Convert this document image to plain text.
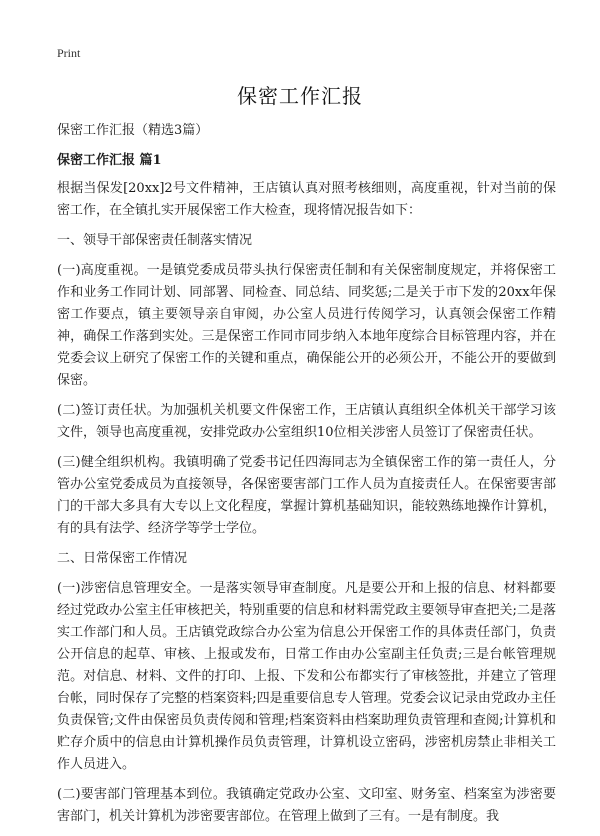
Print
保密工作汇报

保密工作汇报（精选3篇）

保密工作汇报 篇1

根据当保发[20xx]2号文件精神，王店镇认真对照考核细则，高度重视，针对当前的保密工作，在全镇扎实开展保密工作大检查，现将情况报告如下：

一、领导干部保密责任制落实情况

(一)高度重视。一是镇党委成员带头执行保密责任制和有关保密制度规定，并将保密工作和业务工作同计划、同部署、同检查、同总结、同奖惩;二是关于市下发的20xx年保密工作要点，镇主要领导亲自审阅，办公室人员进行传阅学习，认真领会保密工作精神，确保工作落到实处。三是保密工作同市同步纳入本地年度综合目标管理内容，并在党委会议上研究了保密工作的关键和重点，确保能公开的必须公开，不能公开的要做到保密。

(二)签订责任状。为加强机关机要文件保密工作，王店镇认真组织全体机关干部学习该文件，领导也高度重视，安排党政办公室组织10位相关涉密人员签订了保密责任状。

(三)健全组织机构。我镇明确了党委书记任四海同志为全镇保密工作的第一责任人，分管办公室党委成员为直接领导，各保密要害部门工作人员为直接责任人。在保密要害部门的干部大多具有大专以上文化程度，掌握计算机基础知识，能较熟练地操作计算机，有的具有法学、经济学等学士学位。

二、日常保密工作情况

(一)涉密信息管理安全。一是落实领导审查制度。凡是要公开和上报的信息、材料都要经过党政办公室主任审核把关，特别重要的信息和材料需党政主要领导审查把关;二是落实工作部门和人员。王店镇党政综合办公室为信息公开保密工作的具体责任部门，负责公开信息的起草、审核、上报或发布，日常工作由办公室副主任负责;三是台帐管理规范。对信息、材料、文件的打印、上报、下发和公布都实行了审核签批，并建立了管理台帐，同时保存了完整的档案资料;四是重要信息专人管理。党委会议记录由党政办主任负责保管;文件由保密员负责传阅和管理;档案资料由档案助理负责管理和查阅;计算机和贮存介质中的信息由计算机操作员负责管理，计算机设立密码，涉密机房禁止非相关工作人员进入。

(二)要害部门管理基本到位。我镇确定党政办公室、文印室、财务室、档案室为涉密要害部门，机关计算机为涉密要害部位。在管理上做到了三有。一是有制度。我
